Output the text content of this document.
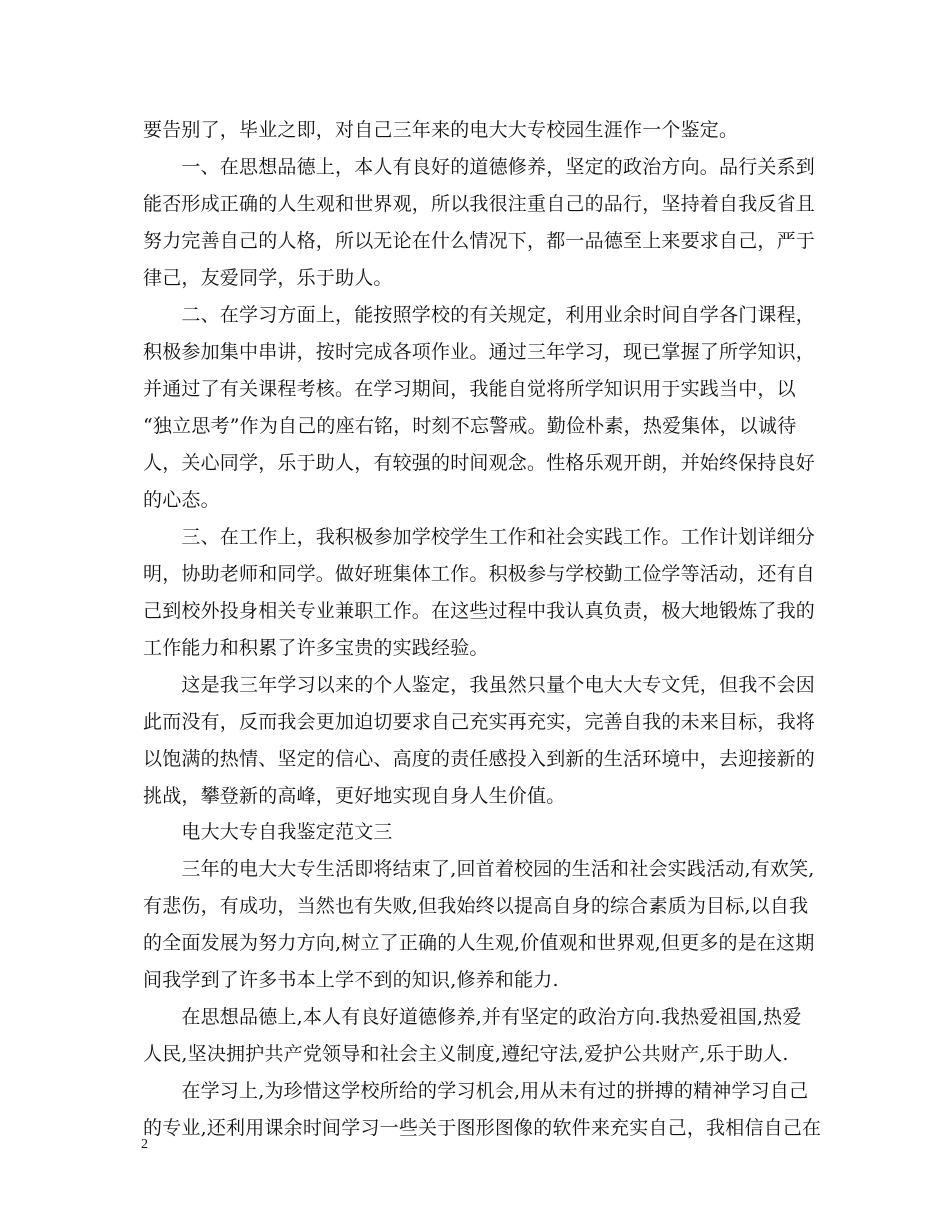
要告别了，毕业之即，对自己三年来的电大大专校园生涯作一个鉴定。
　　一、在思想品德上，本人有良好的道德修养，坚定的政治方向。品行关系到
能否形成正确的人生观和世界观，所以我很注重自己的品行，坚持着自我反省且
努力完善自己的人格，所以无论在什么情况下，都一品德至上来要求自己，严于
律己，友爱同学，乐于助人。
　　二、在学习方面上，能按照学校的有关规定，利用业余时间自学各门课程，
积极参加集中串讲，按时完成各项作业。通过三年学习，现已掌握了所学知识，
并通过了有关课程考核。在学习期间，我能自觉将所学知识用于实践当中，以
“独立思考”作为自己的座右铭，时刻不忘警戒。勤俭朴素，热爱集体，以诚待
人，关心同学，乐于助人，有较强的时间观念。性格乐观开朗，并始终保持良好
的心态。
　　三、在工作上，我积极参加学校学生工作和社会实践工作。工作计划详细分
明，协助老师和同学。做好班集体工作。积极参与学校勤工俭学等活动，还有自
己到校外投身相关专业兼职工作。在这些过程中我认真负责，极大地锻炼了我的
工作能力和积累了许多宝贵的实践经验。
　　这是我三年学习以来的个人鉴定，我虽然只量个电大大专文凭，但我不会因
此而没有，反而我会更加迫切要求自己充实再充实，完善自我的未来目标，我将
以饱满的热情、坚定的信心、高度的责任感投入到新的生活环境中，去迎接新的
挑战，攀登新的高峰，更好地实现自身人生价值。
　　电大大专自我鉴定范文三
　　三年的电大大专生活即将结束了,回首着校园的生活和社会实践活动,有欢笑,
有悲伤，有成功，当然也有失败,但我始终以提高自身的综合素质为目标,以自我
的全面发展为努力方向,树立了正确的人生观,价值观和世界观,但更多的是在这期
间我学到了许多书本上学不到的知识,修养和能力.
　　在思想品德上,本人有良好道德修养,并有坚定的政治方向.我热爱祖国,热爱
人民,坚决拥护共产党领导和社会主义制度,遵纪守法,爱护公共财产,乐于助人.
　　在学习上,为珍惜这学校所给的学习机会,用从未有过的拼搏的精神学习自己
的专业,还利用课余时间学习一些关于图形图像的软件来充实自己，我相信自己在
2
